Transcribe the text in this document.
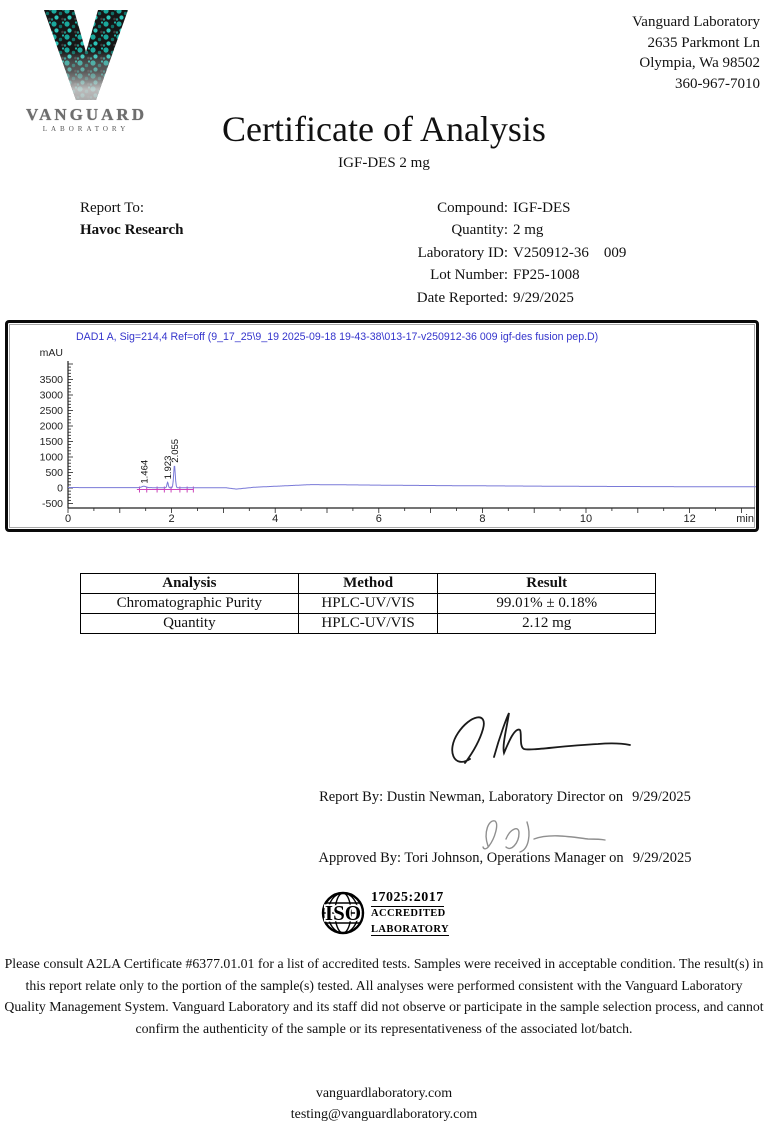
VANGUARD
LABORATORY
Vanguard Laboratory
2635 Parkmont Ln
Olympia, Wa 98502
360-967-7010
Certificate of Analysis
IGF-DES 2 mg
Report To:
Havoc Research
Compound: IGF-DES
Quantity: 2 mg
Laboratory ID: V250912-36    009
Lot Number: FP25-1008
Date Reported: 9/29/2025
3500
3000
2500
2000
1500
1000
500
0
-500
mAU
0	2	4	6	8	10	12	min
1.464 1.923
2.055
DAD1 A, Sig=214,4 Ref=off (9_17_25\9_19 2025-09-18 19-43-38\013-17-v250912-36 009 igf-des fusion pep.D)
Analysis	Method	Result
Chromatographic Purity	HPLC-UV/VIS	99.01% ± 0.18%
Quantity	HPLC-UV/VIS	2.12 mg
Report By: Dustin Newman, Laboratory Director on 9/29/2025
Approved By: Tori Johnson, Operations Manager on 9/29/2025
ISO
17025:2017
ACCREDITED
LABORATORY
Please consult A2LA Certificate #6377.01.01 for a list of accredited tests. Samples were received in acceptable condition. The result(s) in this report relate only to the portion of the sample(s) tested. All analyses were performed consistent with the Vanguard Laboratory Quality Management System. Vanguard Laboratory and its staff did not observe or participate in the sample selection process, and cannot confirm the authenticity of the sample or its representativeness of the associated lot/batch.
vanguardlaboratory.com
testing@vanguardlaboratory.com
